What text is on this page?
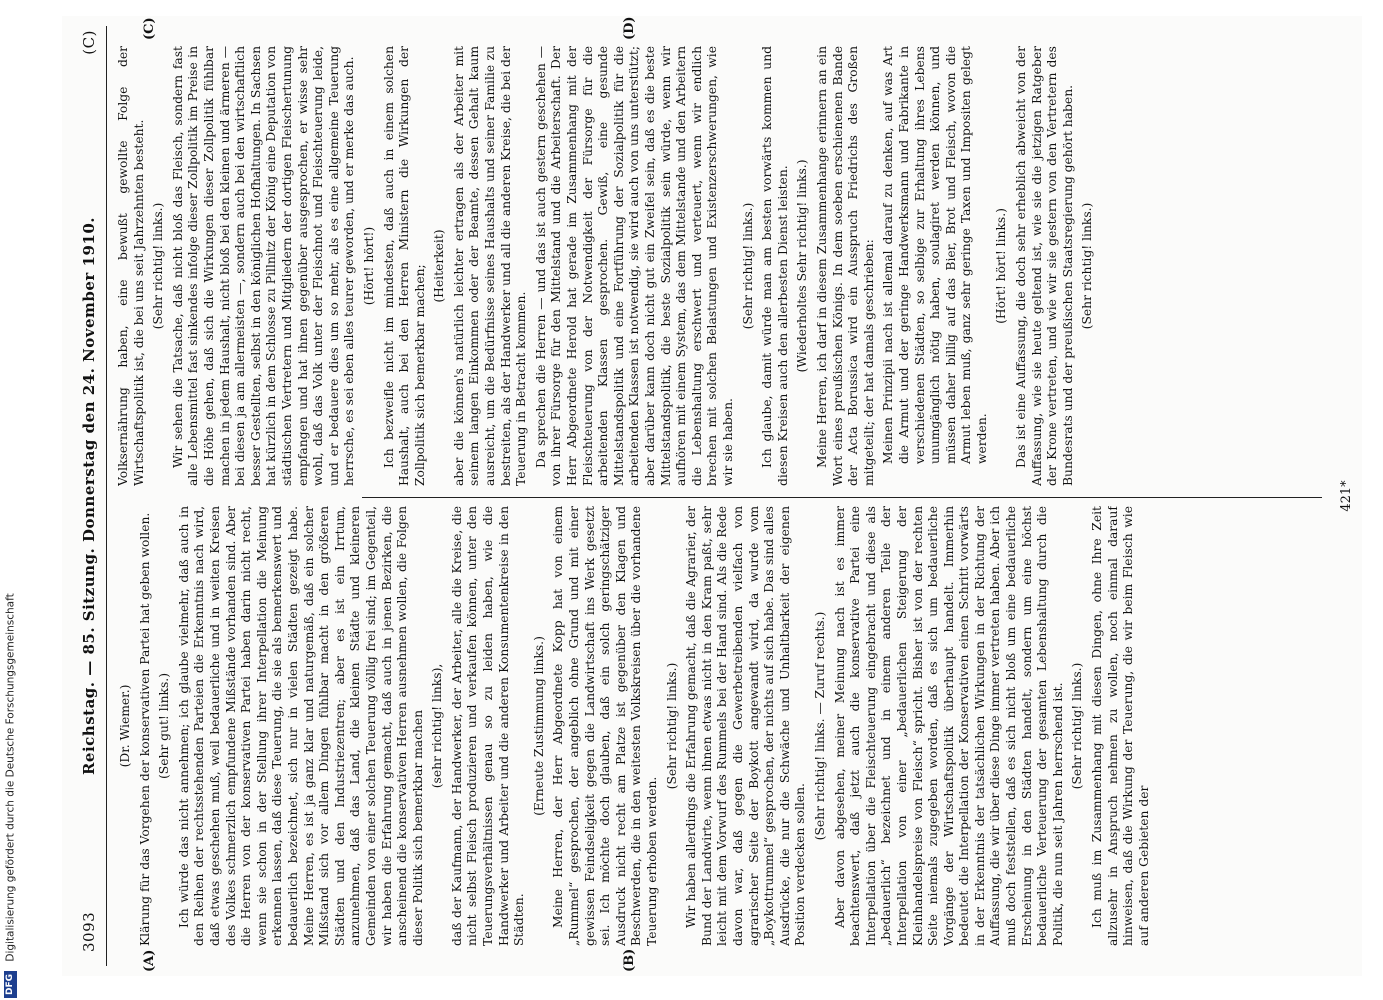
3093
Reichstag. — 85. Sitzung. Donnerstag den 24. November 1910.
(C)
(A)	(B)
(C)	(D)

(Dr. Wiemer.) Klärung für das Vorgehen der konservativen Partei hat geben wollen. (Sehr gut! links.) Ich würde das nicht annehmen; ich glaube vielmehr, daß auch in den Reihen der rechtsstehenden Parteien die Erkenntnis nach wird, daß etwas geschehen muß, weil bedauerliche und in weiten Kreisen des Volkes schmerzlich empfundene Mißstände vorhanden sind. Aber die Herren von der konservativen Partei haben darin nicht recht, wenn sie schon in der Stellung ihrer Interpellation die Meinung erkennen lassen, daß diese Teuerung, die sie als bemerkenswert und bedauerlich bezeichnet, sich nur in vielen Städten gezeigt habe. Meine Herren, es ist ja ganz klar und naturgemäß, daß ein solcher Mißstand sich vor allem Dingen fühlbar macht in den größeren Städten und den Industriezentren; aber es ist ein Irrtum, anzunehmen, daß das Land, die kleinen Städte und kleineren Gemeinden von einer solchen Teuerung völlig frei sind; im Gegenteil, wir haben die Erfahrung gemacht, daß auch in jenen Bezirken, die anscheinend die konservativen Herren ausnehmen wollen, die Folgen dieser Politik sich bemerkbar machen (sehr richtig! links), daß der Kaufmann, der Handwerker, der Arbeiter, alle die Kreise, die nicht selbst Fleisch produzieren und verkaufen können, unter den Teuerungsverhältnissen genau so zu leiden haben, wie die Handwerker und Arbeiter und die anderen Konsumentenkreise in den Städten.

(Erneute Zustimmung links.) Meine Herren, der Herr Abgeordnete Kopp hat von einem „Rummel“ gesprochen, der angeblich ohne Grund und mit einer gewissen Feindseligkeit gegen die Landwirtschaft ins Werk gesetzt sei. Ich möchte doch glauben, daß ein solch geringschätziger Ausdruck nicht recht am Platze ist gegenüber den Klagen und Beschwerden, die in den weitesten Volkskreisen über die vorhandene Teuerung erhoben werden.

(Sehr richtig! links.) Wir haben allerdings die Erfahrung gemacht, daß die Agrarier, der Bund der Landwirte, wenn ihnen etwas nicht in den Kram paßt, sehr leicht mit dem Vorwurf des Rummels bei der Hand sind. Als die Rede davon war, daß gegen die Gewerbetreibenden vielfach von agrarischer Seite der Boykott angewandt wird, da wurde vom „Boykottrummel“ gesprochen, der nichts auf sich habe. Das sind alles Ausdrücke, die nur die Schwäche und Unhaltbarkeit der eigenen Position verdecken sollen.

(Sehr richtig! links. — Zuruf rechts.) Aber davon abgesehen, meiner Meinung nach ist es immer beachtenswert, daß jetzt auch die konservative Partei eine Interpellation über die Fleischteuerung eingebracht und diese als „bedauerlich“ bezeichnet und in einem anderen Teile der Interpellation von einer „bedauerlichen Steigerung der Kleinhandelspreise von Fleisch“ spricht. Bisher ist von der rechten Seite niemals zugegeben worden, daß es sich um bedauerliche Vorgänge der Wirtschaftspolitik überhaupt handelt. Immerhin bedeutet die Interpellation der Konservativen einen Schritt vorwärts in der Erkenntnis der tatsächlichen Wirkungen in der Richtung der Auffassung, die wir über diese Dinge immer vertreten haben. Aber ich muß doch feststellen, daß es sich nicht bloß um eine bedauerliche Erscheinung in den Städten handelt, sondern um eine höchst bedauerliche Verteuerung der gesamten Lebenshaltung durch die Politik, die nun seit Jahren herrschend ist. (Sehr richtig! links.) Ich muß im Zusammenhang mit diesen Dingen, ohne Ihre Zeit allzusehr in Anspruch nehmen zu wollen, noch einmal darauf hinweisen, daß die Wirkung der Teuerung, die wir beim Fleisch wie auf anderen Gebieten der

Volksernährung haben, eine bewußt gewollte Folge der Wirtschaftspolitik ist, die bei uns seit Jahrzehnten besteht. (Sehr richtig! links.) Wir sehen die Tatsache, daß nicht bloß das Fleisch, sondern fast alle Lebensmittel fast sinkendes infolge dieser Zollpolitik im Preise in die Höhe gehen, daß sich die Wirkungen dieser Zollpolitik fühlbar machen in jedem Haushalt, nicht bloß bei den kleinen und ärmeren — bei diesen ja am allermeisten —, sondern auch bei den wirtschaftlich besser Gestellten, selbst in den königlichen Hofhaltungen. In Sachsen hat kürzlich in dem Schlosse zu Pillnitz der König eine Deputation von städtischen Vertretern und Mitgliedern der dortigen Fleischertunung empfangen und hat ihnen gegenüber ausgesprochen, er wisse sehr wohl, daß das Volk unter der Fleischnot und Fleischteuerung leide, und er bedauere dies um so mehr, als es eine allgemeine Teuerung herrsche, es sei eben alles teurer geworden, und er merke das auch. (Hört! hört!) Ich bezweifle nicht im mindesten, daß auch in einem solchen Haushalt, auch bei den Herren Ministern die Wirkungen der Zollpolitik sich bemerkbar machen; (Heiterkeit) aber die können's natürlich leichter ertragen als der Arbeiter mit seinem langen Einkommen oder der Beamte, dessen Gehalt kaum ausreicht, um die Bedürfnisse seines Haushalts und seiner Familie zu bestreiten, als der Handwerker und all die anderen Kreise, die bei der Teuerung in Betracht kommen. Da sprechen die Herren — und das ist auch gestern geschehen — von ihrer Fürsorge für den Mittelstand und die Arbeiterschaft. Der Herr Abgeordnete Herold hat gerade im Zusammenhang mit der Fleischteuerung von der Notwendigkeit der Fürsorge für die arbeitenden Klassen gesprochen. Gewiß, eine gesunde Mittelstandspolitik und eine Fortführung der Sozialpolitik für die arbeitenden Klassen ist notwendig, sie wird auch von uns unterstützt; aber darüber kann doch nicht gut ein Zweifel sein, daß es die beste Mittelstandspolitik, die beste Sozialpolitik sein würde, wenn wir aufhören mit einem System, das dem Mittelstande und den Arbeitern die Lebenshaltung erschwert und verteuert, wenn wir endlich brechen mit solchen Belastungen und Existenzerschwerungen, wie wir sie haben.

(Sehr richtig! links.) Ich glaube, damit würde man am besten vorwärts kommen und diesen Kreisen auch den allerbesten Dienst leisten. (Wiederholtes Sehr richtig! links.) Meine Herren, ich darf in diesem Zusammenhange erinnern an ein Wort eines preußischen Königs. In dem soeben erschienenen Bande der Acta Borussica wird ein Ausspruch Friedrichs des Großen mitgeteilt; der hat damals geschrieben: Meinen Prinzipii nach ist allemal darauf zu denken, auf was Art die Armut und der geringe Handwerksmann und Fabrikante in verschiedenen Städten, so selbige zur Erhaltung ihres Lebens unumgänglich nötig haben, soulagiret werden können, und müssen daher billig auf das Bier, Brot und Fleisch, wovon die Armut leben muß, ganz sehr geringe Taxen und Impositen gelegt werden.

(Hört! hört! links.) Das ist eine Auffassung, die doch sehr erheblich abweicht von der Auffassung, wie sie heute geltend ist, wie sie die jetzigen Ratgeber der Krone vertreten, und wie wir sie gestern von den Vertretern des Bundesrats und der preußischen Staatsregierung gehört haben. (Sehr richtig! links.)

421*
DFG Digitalisierung gefördert durch die Deutsche Forschungsgemeinschaft
